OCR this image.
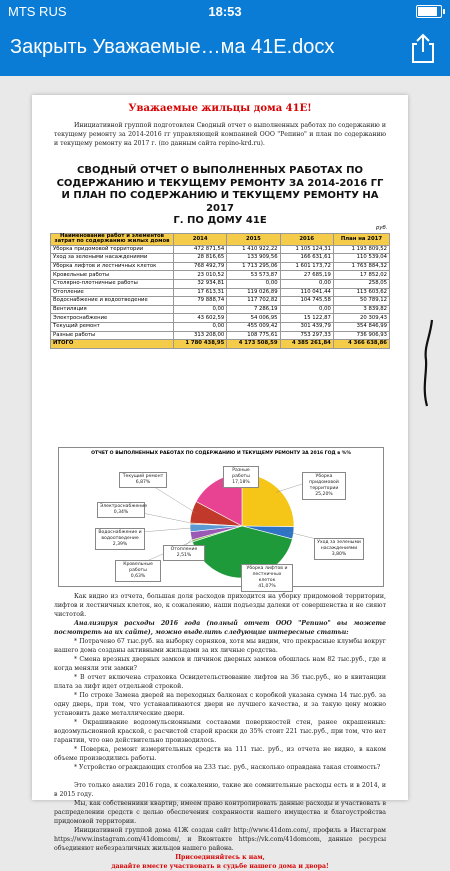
MTS RUS	18:53
Закрыть Уважаемые…ма 41Е.docx
Уважаемые жильцы дома 41Е!
Инициативной группой подготовлен Сводный отчет о выполненных работах по содержанию и текущему ремонту за 2014-2016 гг управляющей компанией ООО "Репино" и план по содержанию и текущему ремонту на 2017 г. (по данным сайта repino-krd.ru).
СВОДНЫЙ ОТЧЕТ О ВЫПОЛНЕННЫХ РАБОТАХ ПО
СОДЕРЖАНИЮ И ТЕКУЩЕМУ РЕМОНТУ ЗА 2014-2016 ГГ
И ПЛАН ПО СОДЕРЖАНИЮ И ТЕКУЩЕМУ РЕМОНТУ НА 2017
Г. ПО ДОМУ 41Е
руб.				
Наименование работ и элементов затрат по содержанию жилых домов	2014	2015	2016	План на 2017
Уборка придомовой территории	472 871,54	1 410 922,22	1 105 124,31	1 193 809,52
Уход за зелеными насаждениями	28 816,65	133 909,56	166 631,61	110 539,04
Уборка лифтов и лестничных клеток	768 492,79	1 713 295,06	1 601 173,72	1 763 884,32
Кровельные работы	23 010,52	53 573,87	27 685,19	17 852,02
Столярно-плотничные работы	32 934,81	0,00	0,00	258,05
Отопление	17 613,31	119 026,89	110 041,44	113 603,62
Водоснабжение и водоотведение	79 888,74	117 702,82	104 745,58	50 789,12
Вентиляция	0,00	7 286,19	0,00	3 839,82
Электроснабжение	43 602,59	54 006,95	15 122,87	20 309,43
Текущий ремонт	0,00	455 009,42	301 439,79	354 846,99
Разные работы	313 208,00	108 775,61	753 297,33	736 906,93
ИТОГО	1 780 438,95	4 173 508,59	4 385 261,84	4 366 638,86
ОТЧЕТ О ВЫПОЛНЕННЫХ РАБОТАХ ПО СОДЕРЖАНИЮ И ТЕКУЩЕМУ РЕМОНТУ ЗА 2016 ГОД в %%
Уборка придомовой территории
25,20%
Уход за зелеными насаждениями
3,80%
Уборка лифтов и лестничных клеток
41,07%
Кровельные работы
0,63%
Отопление
2,51%
Водоснабжение и водоотведение
2,39%
Электроснабжение
0,34%
Текущий ремонт
6,87%
Разные работы
17,18%
Как видно из отчета, большая доля расходов приходится на уборку придомовой территории, лифтов и лестничных клеток, но, к сожалению, наши подъезды далеки от совершенства и не сияют чистотой.
Анализируя расходы 2016 года (полный отчет ООО "Репино" вы можете посмотреть на их сайте), можно выделить следующие интересные статьи:
* Потрачено 67 тыс.руб. на выборку сорняков, хотя мы видим, что прекрасные клумбы вокруг нашего дома созданы активными жильцами за их личные средства.
* Смена врезных дверных замков и личинок дверных замков обошлась нам 82 тыс.руб., где и когда меняли эти замки?
* В отчет включена страховка Освидетельствование лифтов на 36 тыс.руб., но в квитанции плата за лифт идет отдельной строкой.
* По строке Замена дверей на переходных балконах с коробкой указана сумма 14 тыс.руб. за одну дверь, при том, что устанавливаются двери не лучшего качества, и за такую цену можно установить даже металлические двери.
* Окрашивание водоэмульсионными составами поверхностей стен, ранее окрашенных: водоэмульсионной краской, с расчистой старой краски до 35% стоит 221 тыс.руб., при том, что нет гарантии, что оно действительно производилось.
* Поверка, ремонт измерительных средств на 111 тыс. руб., из отчета не видно, в каком объеме производились работы.
* Устройство ограждающих столбов на 233 тыс. руб., насколько оправдана такая стоимость?
Это только анализ 2016 года, к сожалению, такие же сомнительные расходы есть и в 2014, и в 2015 году.
Мы, как собственники квартир, имеем право контролировать данные расходы и участвовать в распределении средств с целью обеспечения сохранности нашего имущества и благоустройства придомовой территории.
Инициативной группой дома 41Ж создан сайт http://www.41dom.com/, профиль в Инстаграм https://www.instagram.com/41domcom/, и Вконтакте https://vk.com/41domcom, данные ресурсы объединяют небезразличных жильцов нашего района.
Присоединяйтесь к нам,
давайте вместе участвовать в судьбе нашего дома и двора!
